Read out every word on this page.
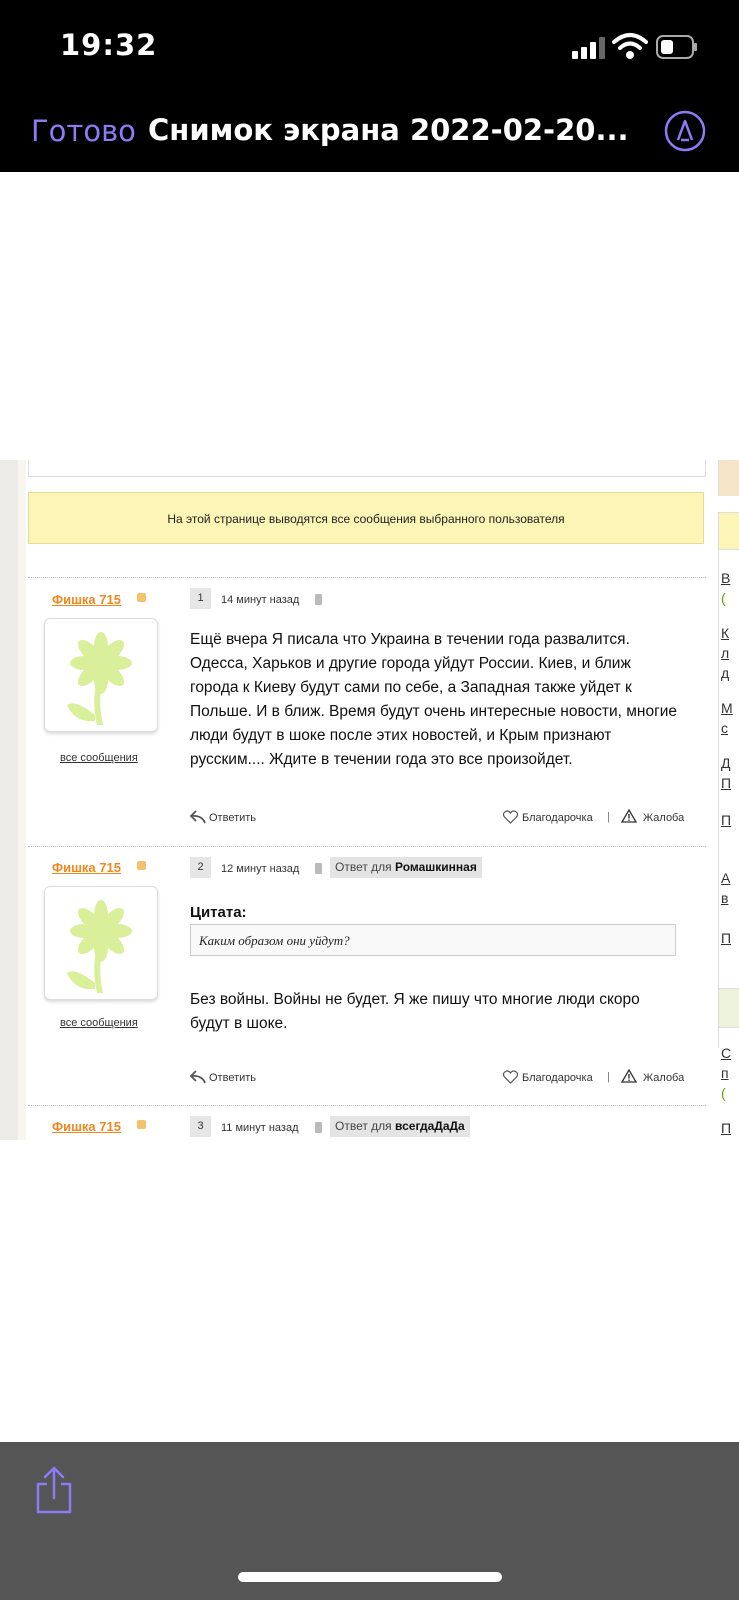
19:32
Готово Снимок экрана 2022-02-20...
На этой странице выводятся все сообщения выбранного пользователя
Фишка 715
все сообщения
1	14 минут назад
Ещё вчера Я писала что Украина в течении года развалится. Одесса, Харьков и другие города уйдут России. Киев, и ближ города к Киеву будут сами по себе, а Западная также уйдет к Польше. И в ближ. Время будут очень интересные новости, многие люди будут в шоке после этих новостей, и Крым признают русским.... Ждите в течении года это все произойдет.
Ответить	Благодарочка |	Жалоба
Фишка 715
все сообщения
2	12 минут назад	Ответ для Ромашкинная
Цитата:
Каким образом они уйдут?
Без войны. Войны не будет. Я же пишу что многие люди скоро будут в шоке.
Ответить	Благодарочка |	Жалоба
Фишка 715	3	11 минут назад	Ответ для всегдаДаДа
В
(
К
л
д
М
с
Д
П
П
А
в
П
С
п
(
П
